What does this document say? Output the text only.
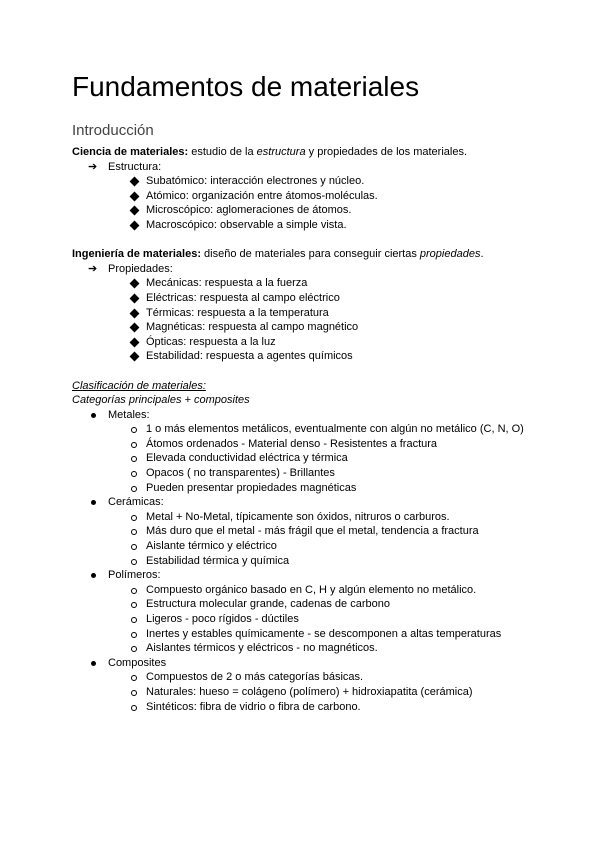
Fundamentos de materiales
Introducción
Ciencia de materiales: estudio de la estructura y propiedades de los materiales.
➔ Estructura:
Subatómico: interacción electrones y núcleo.
Atómico: organización entre átomos-moléculas.
Microscópico: aglomeraciones de átomos.
Macroscópico: observable a simple vista.
Ingeniería de materiales: diseño de materiales para conseguir ciertas propiedades.
➔ Propiedades:
Mecánicas: respuesta a la fuerza
Eléctricas: respuesta al campo eléctrico
Térmicas: respuesta a la temperatura
Magnéticas: respuesta al campo magnético
Ópticas: respuesta a la luz
Estabilidad: respuesta a agentes químicos
Clasificación de materiales:
Categorías principales + composites
Metales:
1 o más elementos metálicos, eventualmente con algún no metálico (C, N, O)
Átomos ordenados - Material denso - Resistentes a fractura
Elevada conductividad eléctrica y térmica
Opacos ( no transparentes) - Brillantes
Pueden presentar propiedades magnéticas
Cerámicas:
Metal + No-Metal, típicamente son óxidos, nitruros o carburos.
Más duro que el metal - más frágil que el metal, tendencia a fractura
Aislante térmico y eléctrico
Estabilidad térmica y química
Polímeros:
Compuesto orgánico basado en C, H y algún elemento no metálico.
Estructura molecular grande, cadenas de carbono
Ligeros - poco rígidos - dúctiles
Inertes y estables químicamente - se descomponen a altas temperaturas
Aislantes térmicos y eléctricos - no magnéticos.
Composites
Compuestos de 2 o más categorías básicas.
Naturales: hueso = colágeno (polímero) + hidroxiapatita (cerámica)
Sintéticos: fibra de vidrio o fibra de carbono.
